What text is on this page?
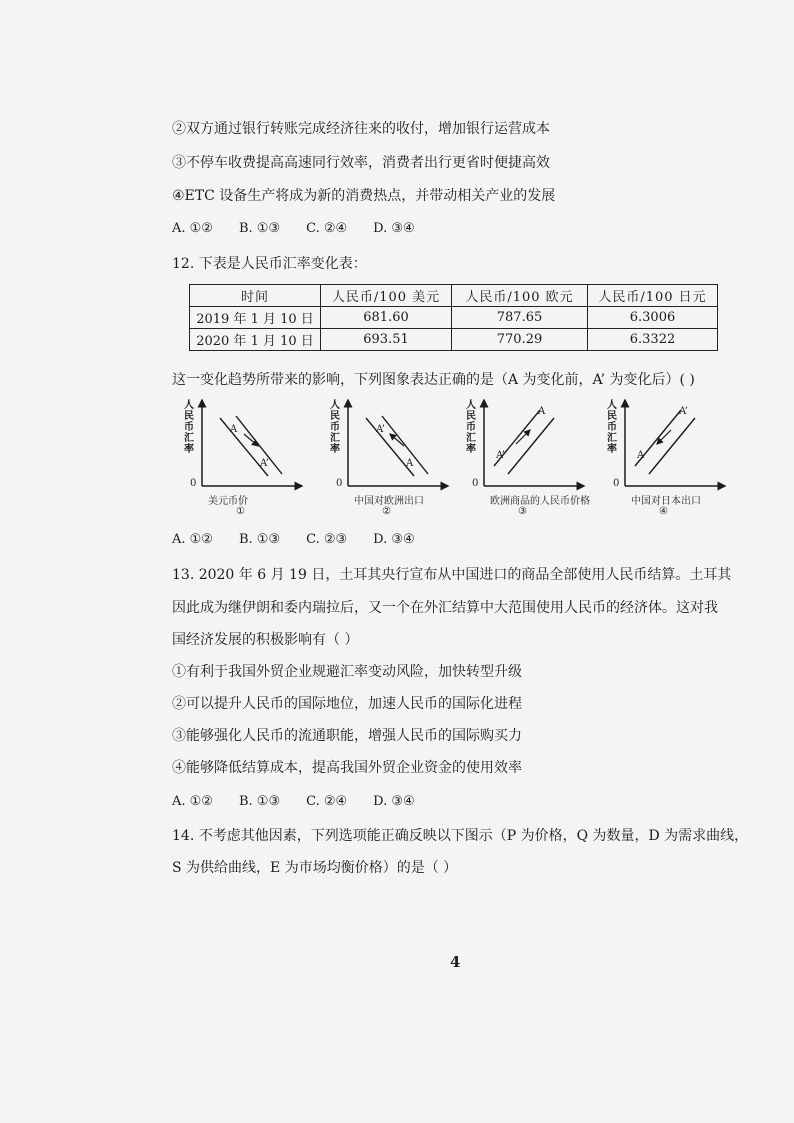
②双方通过银行转账完成经济往来的收付，增加银行运营成本
③不停车收费提高高速同行效率，消费者出行更省时便捷高效
④ETC 设备生产将成为新的消费热点，并带动相关产业的发展
A. ①② B. ①③ C. ②④ D. ③④
12. 下表是人民币汇率变化表：
时间	人民币/100 美元	人民币/100 欧元	人民币/100 日元
2019 年 1 月 10 日	681.60	787.65	6.3006
2020 年 1 月 10 日	693.51	770.29	6.3322
这一变化趋势所带来的影响，下列图象表达正确的是（A 为变化前，A’ 为变化后）( )
人民币汇率
0
美元币价
①
A
A’
人民币汇率
0
中国对欧洲出口
②
A’
A
人民币汇率
0
欧洲商品的人民币价格
③
A
A’
人民币汇率
0
中国对日本出口
④
A’
A
A. ①② B. ①③ C. ②③ D. ③④
13. 2020 年 6 月 19 日，土耳其央行宣布从中国进口的商品全部使用人民币结算。土耳其
因此成为继伊朗和委内瑞拉后，又一个在外汇结算中大范围使用人民币的经济体。这对我
国经济发展的积极影响有（ ）
①有利于我国外贸企业规避汇率变动风险，加快转型升级
②可以提升人民币的国际地位，加速人民币的国际化进程
③能够强化人民币的流通职能，增强人民币的国际购买力
④能够降低结算成本，提高我国外贸企业资金的使用效率
A. ①② B. ①③ C. ②④ D. ③④
14. 不考虑其他因素，下列选项能正确反映以下图示（P 为价格，Q 为数量，D 为需求曲线，
S 为供给曲线，E 为市场均衡价格）的是（ ）
4
